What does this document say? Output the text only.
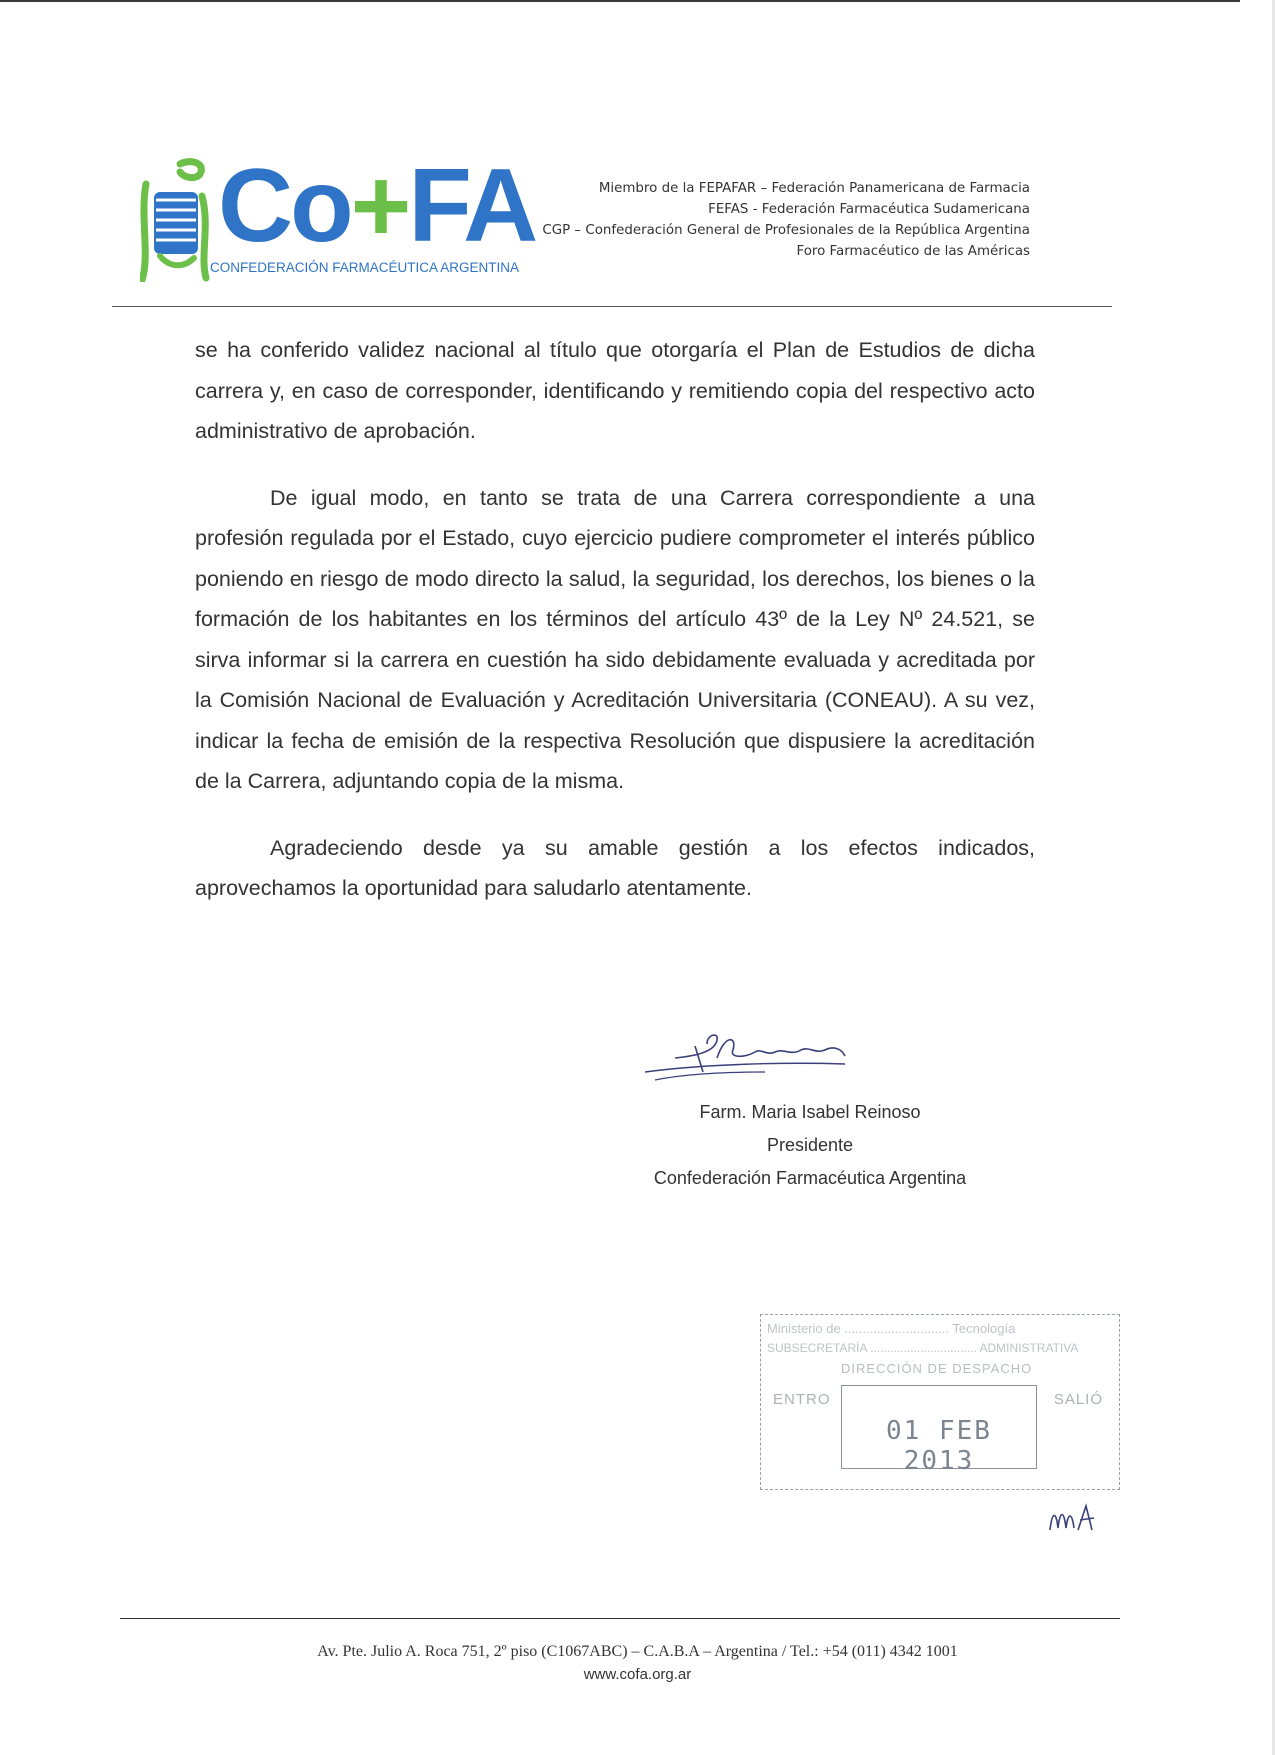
Co+FA
CONFEDERACIÓN FARMACÉUTICA ARGENTINA
Miembro de la FEPAFAR – Federación Panamericana de Farmacia
FEFAS - Federación Farmacéutica Sudamericana
CGP – Confederación General de Profesionales de la República Argentina
Foro Farmacéutico de las Américas

se ha conferido validez nacional al título que otorgaría el Plan de Estudios de dicha carrera y, en caso de corresponder, identificando y remitiendo copia del respectivo acto administrativo de aprobación.

De igual modo, en tanto se trata de una Carrera correspondiente a una profesión regulada por el Estado, cuyo ejercicio pudiere comprometer el interés público poniendo en riesgo de modo directo la salud, la seguridad, los derechos, los bienes o la formación de los habitantes en los términos del artículo 43º de la Ley Nº 24.521, se sirva informar si la carrera en cuestión ha sido debidamente evaluada y acreditada por la Comisión Nacional de Evaluación y Acreditación Universitaria (CONEAU). A su vez, indicar la fecha de emisión de la respectiva Resolución que dispusiere la acreditación de la Carrera, adjuntando copia de la misma.

Agradeciendo desde ya su amable gestión a los efectos indicados, aprovechamos la oportunidad para saludarlo atentamente.

Farm. Maria Isabel Reinoso
Presidente
Confederación Farmacéutica Argentina
Ministerio de ............................. Tecnología
SUBSECRETARÍA ................................ ADMINISTRATIVA
DIRECCIÓN DE DESPACHO
ENTRO	SALIÓ
01 FEB 2013
Av. Pte. Julio A. Roca 751, 2º piso (C1067ABC) – C.A.B.A – Argentina / Tel.: +54 (011) 4342 1001
www.cofa.org.ar
